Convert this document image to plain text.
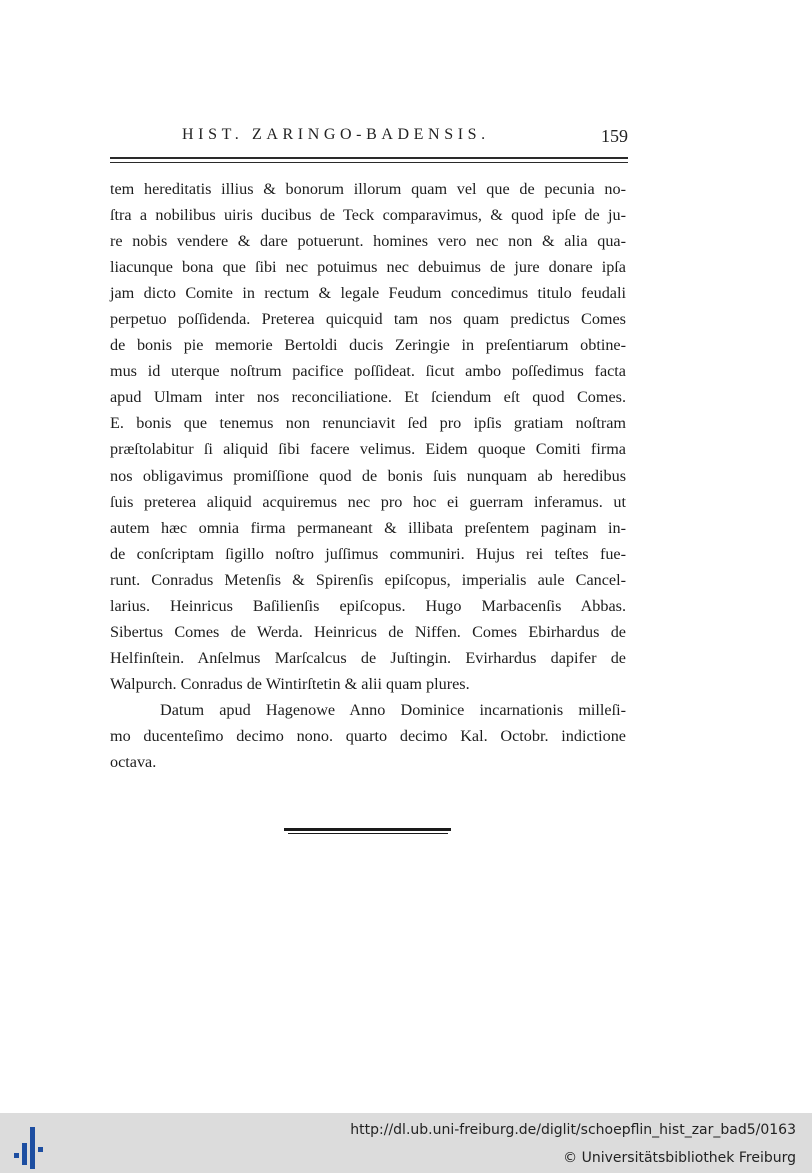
HIST. ZARINGO-BADENSIS.	159
tem hereditatis illius & bonorum illorum quam vel que de pecunia no-
ſtra a nobilibus uiris ducibus de Teck comparavimus, & quod ipſe de ju-
re nobis vendere & dare potuerunt. homines vero nec non & alia qua-
liacunque bona que ſibi nec potuimus nec debuimus de jure donare ipſa
jam dicto Comite in rectum & legale Feudum concedimus titulo feudali
perpetuo poſſidenda. Preterea quicquid tam nos quam predictus Comes
de bonis pie memorie Bertoldi ducis Zeringie in preſentiarum obtine-
mus id uterque noſtrum pacifice poſſideat. ſicut ambo poſſedimus facta
apud Ulmam inter nos reconciliatione. Et ſciendum eſt quod Comes.
E. bonis que tenemus non renunciavit ſed pro ipſis gratiam noſtram
præſtolabitur ſi aliquid ſibi facere velimus. Eidem quoque Comiti firma
nos obligavimus promiſſione quod de bonis ſuis nunquam ab heredibus
ſuis preterea aliquid acquiremus nec pro hoc ei guerram inferamus. ut
autem hæc omnia firma permaneant & illibata preſentem paginam in-
de conſcriptam ſigillo noſtro juſſimus communiri. Hujus rei teſtes fue-
runt. Conradus Metenſis & Spirenſis epiſcopus, imperialis aule Cancel-
larius. Heinricus Baſilienſis epiſcopus. Hugo Marbacenſis Abbas.
Sibertus Comes de Werda. Heinricus de Niffen. Comes Ebirhardus de
Helfinſtein. Anſelmus Marſcalcus de Juſtingin. Evirhardus dapifer de
Walpurch. Conradus de Wintirſtetin & alii quam plures.
Datum apud Hagenowe Anno Dominice incarnationis milleſi-
mo ducenteſimo decimo nono. quarto decimo Kal. Octobr. indictione
octava.
http://dl.ub.uni-freiburg.de/diglit/schoepflin_hist_zar_bad5/0163
© Universitätsbibliothek Freiburg
